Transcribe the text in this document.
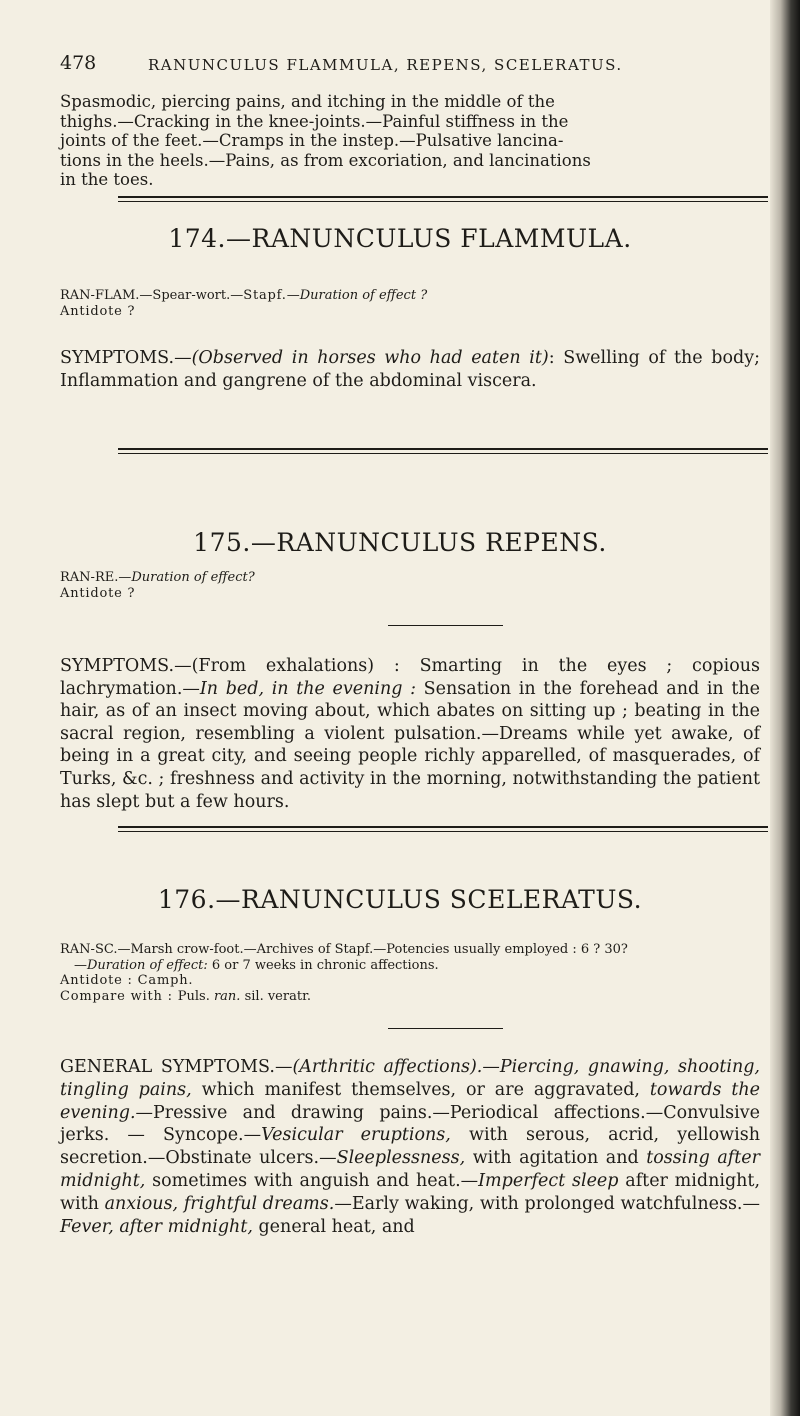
478	RANUNCULUS FLAMMULA, REPENS, SCELERATUS.
Spasmodic, piercing pains, and itching in the middle of the
thighs.—Cracking in the knee-joints.—Painful stiffness in the
joints of the feet.—Cramps in the instep.—Pulsative lancina-
tions in the heels.—Pains, as from excoriation, and lancinations
in the toes.
174.—RANUNCULUS FLAMMULA.
RAN-FLAM.—Spear-wort.—Stapf.—Duration of effect ?
Antidote ?
SYMPTOMS.—(Observed in horses who had eaten it): Swelling of the body; Inflammation and gangrene of the abdominal viscera.
175.—RANUNCULUS REPENS.
RAN-RE.—Duration of effect?
Antidote ?
SYMPTOMS.—(From exhalations) : Smarting in the eyes ; copious lachrymation.—In bed, in the evening : Sensation in the forehead and in the hair, as of an insect moving about, which abates on sitting up ; beating in the sacral region, resembling a violent pulsation.—Dreams while yet awake, of being in a great city, and seeing people richly apparelled, of masquerades, of Turks, &c. ; freshness and activity in the morning, notwithstanding the patient has slept but a few hours.
176.—RANUNCULUS SCELERATUS.
RAN-SC.—Marsh crow-foot.—Archives of Stapf.—Potencies usually employed : 6 ? 30?
—Duration of effect: 6 or 7 weeks in chronic affections.
Antidote : Camph.
Compare with : Puls. ran. sil. veratr.
GENERAL SYMPTOMS.—(Arthritic affections).—Piercing, gnawing, shooting, tingling pains, which manifest themselves, or are aggravated, towards the evening.—Pressive and drawing pains.—Periodical affections.—Convulsive jerks. — Syncope.—Vesicular eruptions, with serous, acrid, yellowish secretion.—Obstinate ulcers.—Sleeplessness, with agitation and tossing after midnight, sometimes with anguish and heat.—Imperfect sleep after midnight, with anxious, frightful dreams.—Early waking, with prolonged watchfulness.—Fever, after midnight, general heat, and
